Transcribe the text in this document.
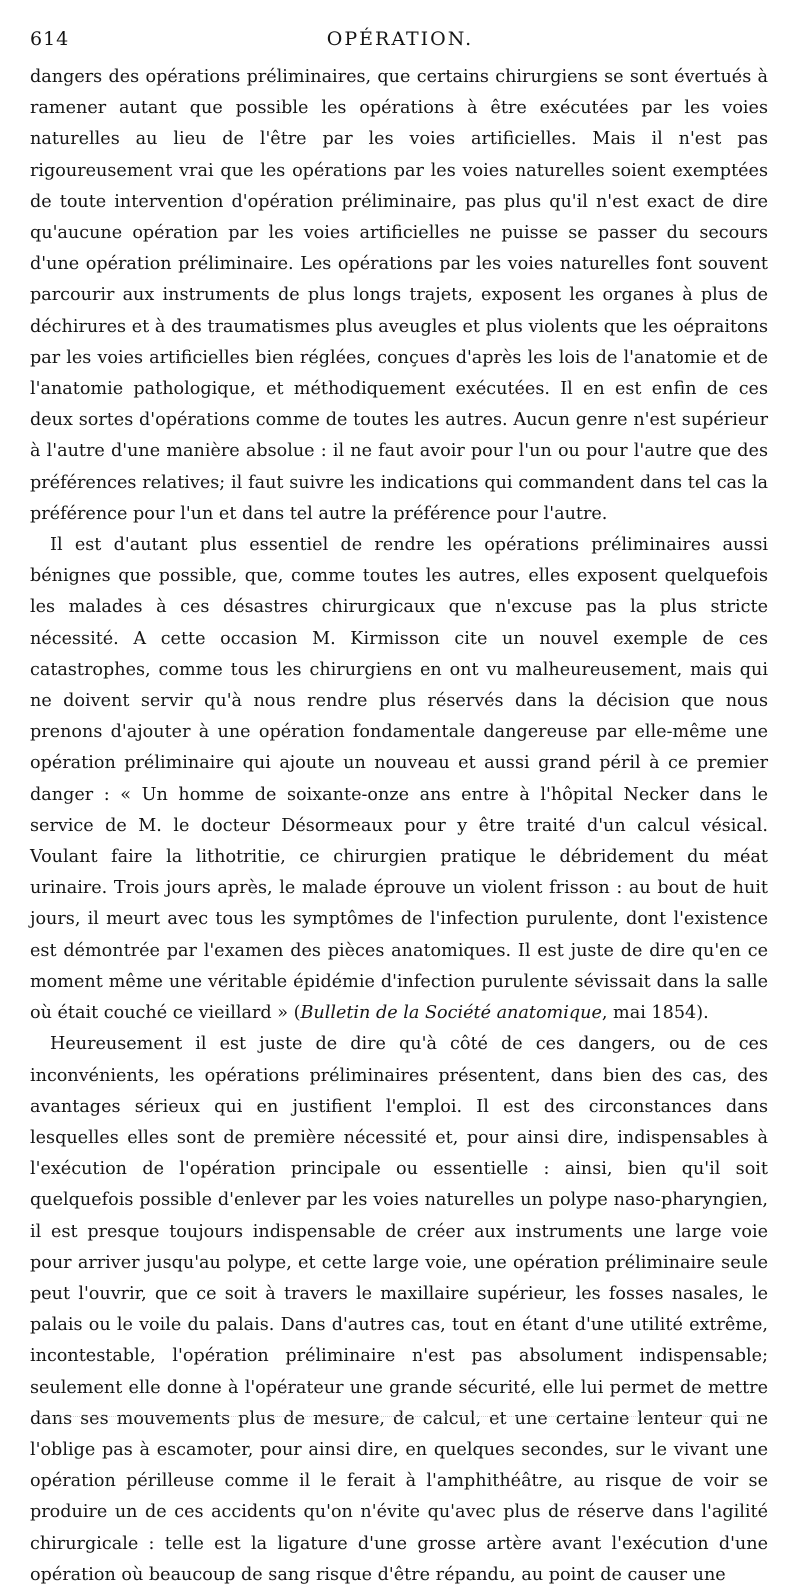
614	OPÉRATION.

dangers des opérations préliminaires, que certains chirurgiens se sont évertués à ramener autant que possible les opérations à être exécutées par les voies naturelles au lieu de l'être par les voies artificielles. Mais il n'est pas rigoureusement vrai que les opérations par les voies naturelles soient exemptées de toute intervention d'opération préliminaire, pas plus qu'il n'est exact de dire qu'aucune opération par les voies artificielles ne puisse se passer du secours d'une opération préliminaire. Les opérations par les voies naturelles font souvent parcourir aux instruments de plus longs trajets, exposent les organes à plus de déchirures et à des traumatismes plus aveugles et plus violents que les oépraitons par les voies artificielles bien réglées, conçues d'après les lois de l'anatomie et de l'anatomie pathologique, et méthodiquement exécutées. Il en est enfin de ces deux sortes d'opérations comme de toutes les autres. Aucun genre n'est supérieur à l'autre d'une manière absolue : il ne faut avoir pour l'un ou pour l'autre que des préférences relatives; il faut suivre les indications qui commandent dans tel cas la préférence pour l'un et dans tel autre la préférence pour l'autre.

Il est d'autant plus essentiel de rendre les opérations préliminaires aussi bénignes que possible, que, comme toutes les autres, elles exposent quelquefois les malades à ces désastres chirurgicaux que n'excuse pas la plus stricte nécessité. A cette occasion M. Kirmisson cite un nouvel exemple de ces catastrophes, comme tous les chirurgiens en ont vu malheureusement, mais qui ne doivent servir qu'à nous rendre plus réservés dans la décision que nous prenons d'ajouter à une opération fondamentale dangereuse par elle-même une opération préliminaire qui ajoute un nouveau et aussi grand péril à ce premier danger : « Un homme de soixante-onze ans entre à l'hôpital Necker dans le service de M. le docteur Désormeaux pour y être traité d'un calcul vésical. Voulant faire la lithotritie, ce chirurgien pratique le débridement du méat urinaire. Trois jours après, le malade éprouve un violent frisson : au bout de huit jours, il meurt avec tous les symptômes de l'infection purulente, dont l'existence est démontrée par l'examen des pièces anatomiques. Il est juste de dire qu'en ce moment même une véritable épidémie d'infection purulente sévissait dans la salle où était couché ce vieillard » (Bulletin de la Société anatomique, mai 1854).

Heureusement il est juste de dire qu'à côté de ces dangers, ou de ces inconvénients, les opérations préliminaires présentent, dans bien des cas, des avantages sérieux qui en justifient l'emploi. Il est des circonstances dans lesquelles elles sont de première nécessité et, pour ainsi dire, indispensables à l'exécution de l'opération principale ou essentielle : ainsi, bien qu'il soit quelquefois possible d'enlever par les voies naturelles un polype naso-pharyngien, il est presque toujours indispensable de créer aux instruments une large voie pour arriver jusqu'au polype, et cette large voie, une opération préliminaire seule peut l'ouvrir, que ce soit à travers le maxillaire supérieur, les fosses nasales, le palais ou le voile du palais. Dans d'autres cas, tout en étant d'une utilité extrême, incontestable, l'opération préliminaire n'est pas absolument indispensable; seulement elle donne à l'opérateur une grande sécurité, elle lui permet de mettre dans ses mouvements plus de mesure, de calcul, et une certaine lenteur qui ne l'oblige pas à escamoter, pour ainsi dire, en quelques secondes, sur le vivant une opération périlleuse comme il le ferait à l'amphithéâtre, au risque de voir se produire un de ces accidents qu'on n'évite qu'avec plus de réserve dans l'agilité chirurgicale : telle est la ligature d'une grosse artère avant l'exécution d'une opération où beaucoup de sang risque d'être répandu, au point de causer une
